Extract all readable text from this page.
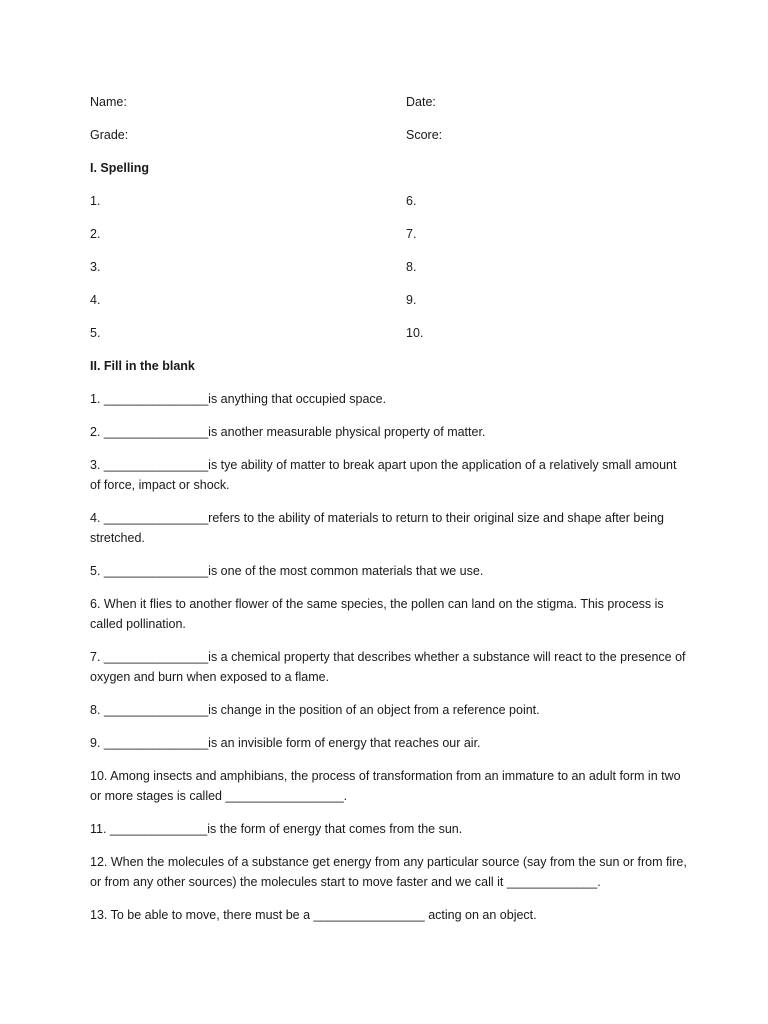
Name:	Date:
Grade:	Score:
I. Spelling
1.	6.
2.	7.
3.	8.
4.	9.
5.	10.
II. Fill in the blank
1. _______________is anything that occupied space.
2. _______________is another measurable physical property of matter.
3. _______________is tye ability of matter to break apart upon the application of a relatively small amount of force, impact or shock.
4. _______________refers to the ability of materials to return to their original size and shape after being stretched.
5. _______________is one of the most common materials that we use.
6. When it flies to another flower of the same species, the pollen can land on the stigma. This process is called pollination.
7. _______________is a chemical property that describes whether a substance will react to the presence of oxygen and burn when exposed to a flame.
8. _______________is change in the position of an object from a reference point.
9. _______________is an invisible form of energy that reaches our air.
10. Among insects and amphibians, the process of transformation from an immature to an adult form in two or more stages is called _________________.
11. ______________is the form of energy that comes from the sun.
12. When the molecules of a substance get energy from any particular source (say from the sun or from fire, or from any other sources) the molecules start to move faster and we call it _____________.
13. To be able to move, there must be a ________________ acting on an object.
